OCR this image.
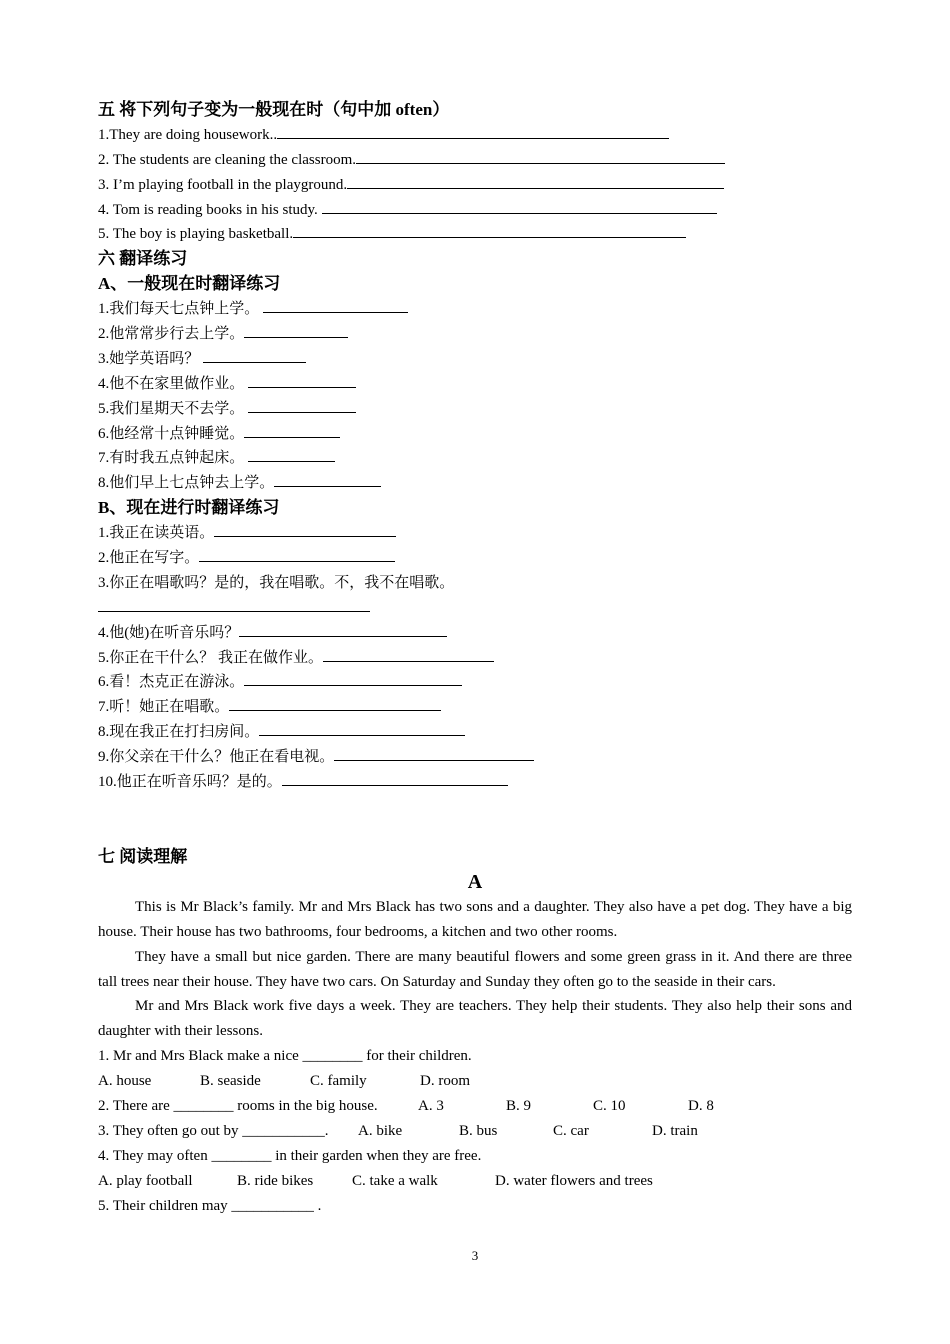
五 将下列句子变为一般现在时（句中加 often）
1.They are doing housework..
2. The students are cleaning the classroom.
3. I’m playing football in the playground.
4. Tom is reading books in his study.
5. The boy is playing basketball.
六 翻译练习
A、一般现在时翻译练习
1.我们每天七点钟上学。
2.他常常步行去上学。
3.她学英语吗？
4.他不在家里做作业。
5.我们星期天不去学。
6.他经常十点钟睡觉。
7.有时我五点钟起床。
8.他们早上七点钟去上学。
B、现在进行时翻译练习
1.我正在读英语。
2.他正在写字。
3.你正在唱歌吗？是的，我在唱歌。不，我不在唱歌。
4.他(她)在听音乐吗？
5.你正在干什么？ 我正在做作业。
6.看！杰克正在游泳。
7.听！她正在唱歌。
8.现在我正在打扫房间。
9.你父亲在干什么？他正在看电视。
10.他正在听音乐吗？是的。
七 阅读理解
A
This is Mr Black’s family. Mr and Mrs Black has two sons and a daughter. They also have a pet dog. They have a big house. Their house has two bathrooms, four bedrooms, a kitchen and two other rooms.
They have a small but nice garden. There are many beautiful flowers and some green grass in it. And there are three tall trees near their house. They have two cars. On Saturday and Sunday they often go to the seaside in their cars.
Mr and Mrs Black work five days a week. They are teachers. They help their students. They also help their sons and daughter with their lessons.
1. Mr and Mrs Black make a nice ________ for their children.
A. house	B. seaside	C. family	D. room
2. There are ________ rooms in the big house.	A. 3	B. 9	C. 10	D. 8
3. They often go out by ___________. A. bike	B. bus	C. car	D. train
4. They may often ________ in their garden when they are free.
A. play football	B. ride bikes	C. take a walk	D. water flowers and trees
5. Their children may ___________ .
3
